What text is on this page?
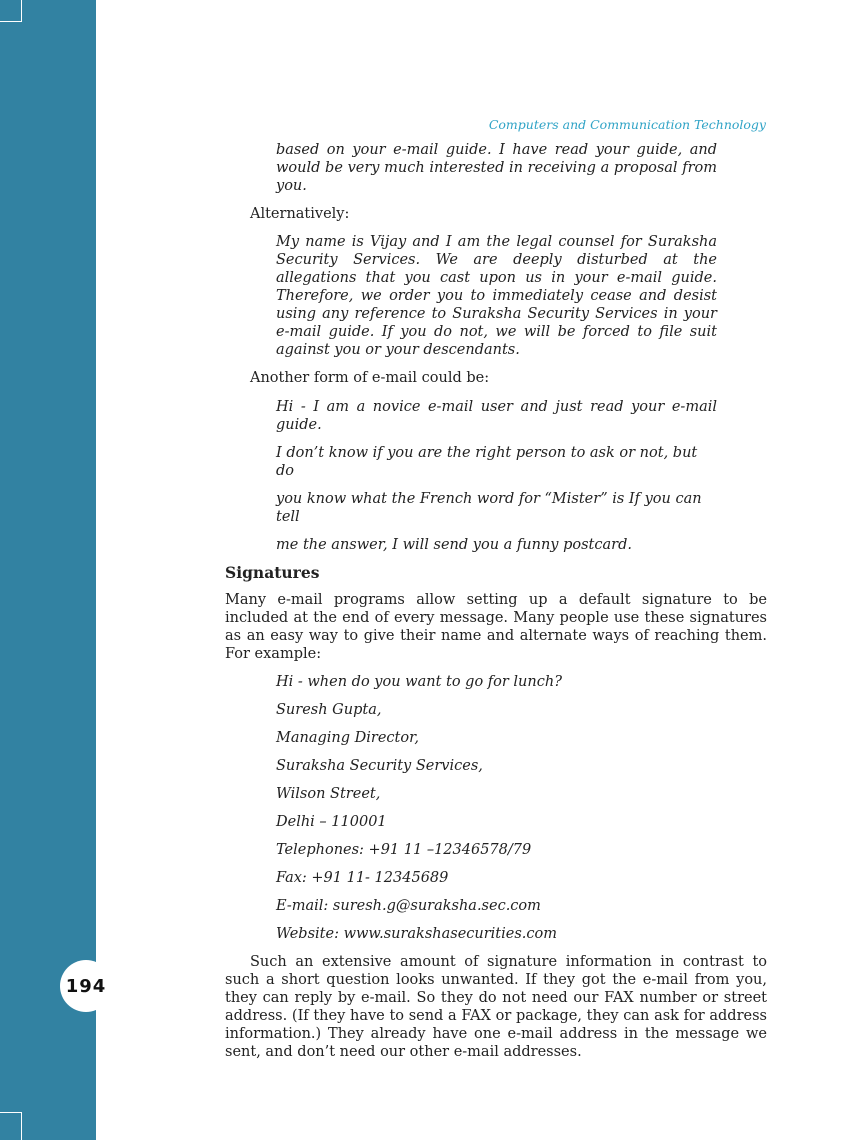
194
Computers and Communication Technology
based on your e-mail guide. I have read your guide, and would be very much interested in receiving a proposal from you.
Alternatively:
My name is Vijay and I am the legal counsel for Suraksha Security Services. We are deeply disturbed at the allegations that you cast upon us in your e-mail guide. Therefore, we order you to immediately cease and desist using any reference to Suraksha Security Services in your e-mail guide. If you do not, we will be forced to file suit against you or your descendants.
Another form of e-mail could be:
Hi - I am a novice e-mail user and just read your e-mail guide.
I don’t know if you are the right person to ask or not, but do
you know what the French word for “Mister” is If you can tell
me the answer, I will send you a funny postcard.
Signatures
Many e-mail programs allow setting up a default signature to be included at the end of every message. Many people use these signatures as an easy way to give their name and alternate ways of reaching them. For example:
Hi - when do you want to go for lunch?
Suresh Gupta,
Managing Director,
Suraksha Security Services,
Wilson Street,
Delhi – 110001
Telephones: +91 11 –12346578/79
Fax: +91 11- 12345689
E-mail: suresh.g@suraksha.sec.com
Website: www.surakshasecurities.com
Such an extensive amount of signature information in contrast to such a short question looks unwanted. If they got the e-mail from you, they can reply by e-mail. So they do not need our FAX number or street address. (If they have to send a FAX or package, they can ask for address information.) They already have one e-mail address in the message we sent, and don’t need our other e-mail addresses.
